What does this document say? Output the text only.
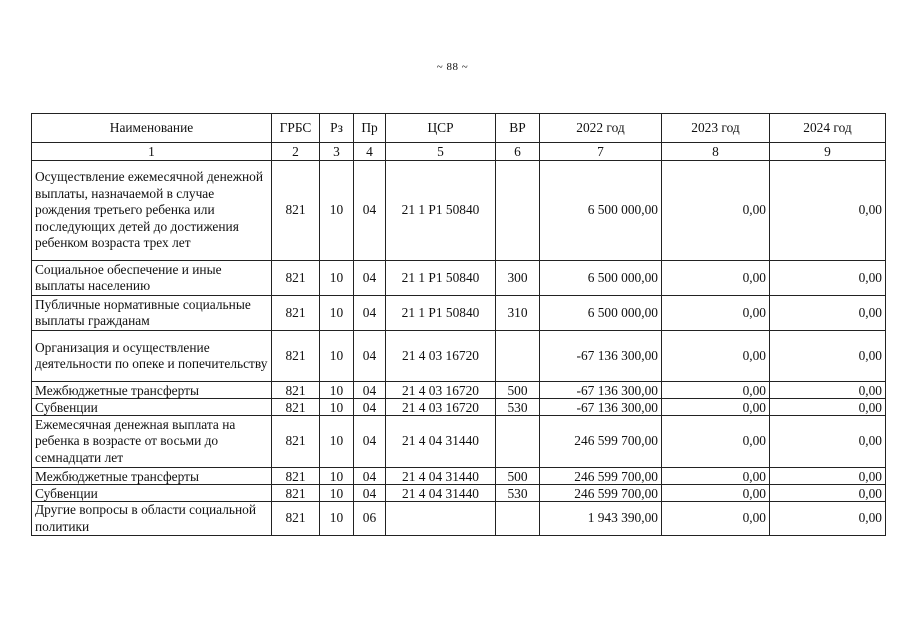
~ 88 ~
Наименование	ГРБС	Рз	Пр	ЦСР	ВР	2022 год	2023 год	2024 год
1	2	3	4	5	6	7	8	9
Осуществление ежемесячной денежной выплаты, назначаемой в случае рождения третьего ребенка или последующих детей до достижения ребенком возраста трех лет	821	10	04	21 1 P1 50840		6 500 000,00	0,00	0,00
Социальное обеспечение и иные выплаты населению	821	10	04	21 1 P1 50840	300	6 500 000,00	0,00	0,00
Публичные нормативные социальные выплаты гражданам	821	10	04	21 1 P1 50840	310	6 500 000,00	0,00	0,00
Организация и осуществление деятельности по опеке и попечительству	821	10	04	21 4 03 16720		-67 136 300,00	0,00	0,00
Межбюджетные трансферты	821	10	04	21 4 03 16720	500	-67 136 300,00	0,00	0,00
Субвенции	821	10	04	21 4 03 16720	530	-67 136 300,00	0,00	0,00
Ежемесячная денежная выплата на ребенка в возрасте от восьми до семнадцати лет	821	10	04	21 4 04 31440		246 599 700,00	0,00	0,00
Межбюджетные трансферты	821	10	04	21 4 04 31440	500	246 599 700,00	0,00	0,00
Субвенции	821	10	04	21 4 04 31440	530	246 599 700,00	0,00	0,00
Другие вопросы в области социальной политики	821	10	06			1 943 390,00	0,00	0,00
